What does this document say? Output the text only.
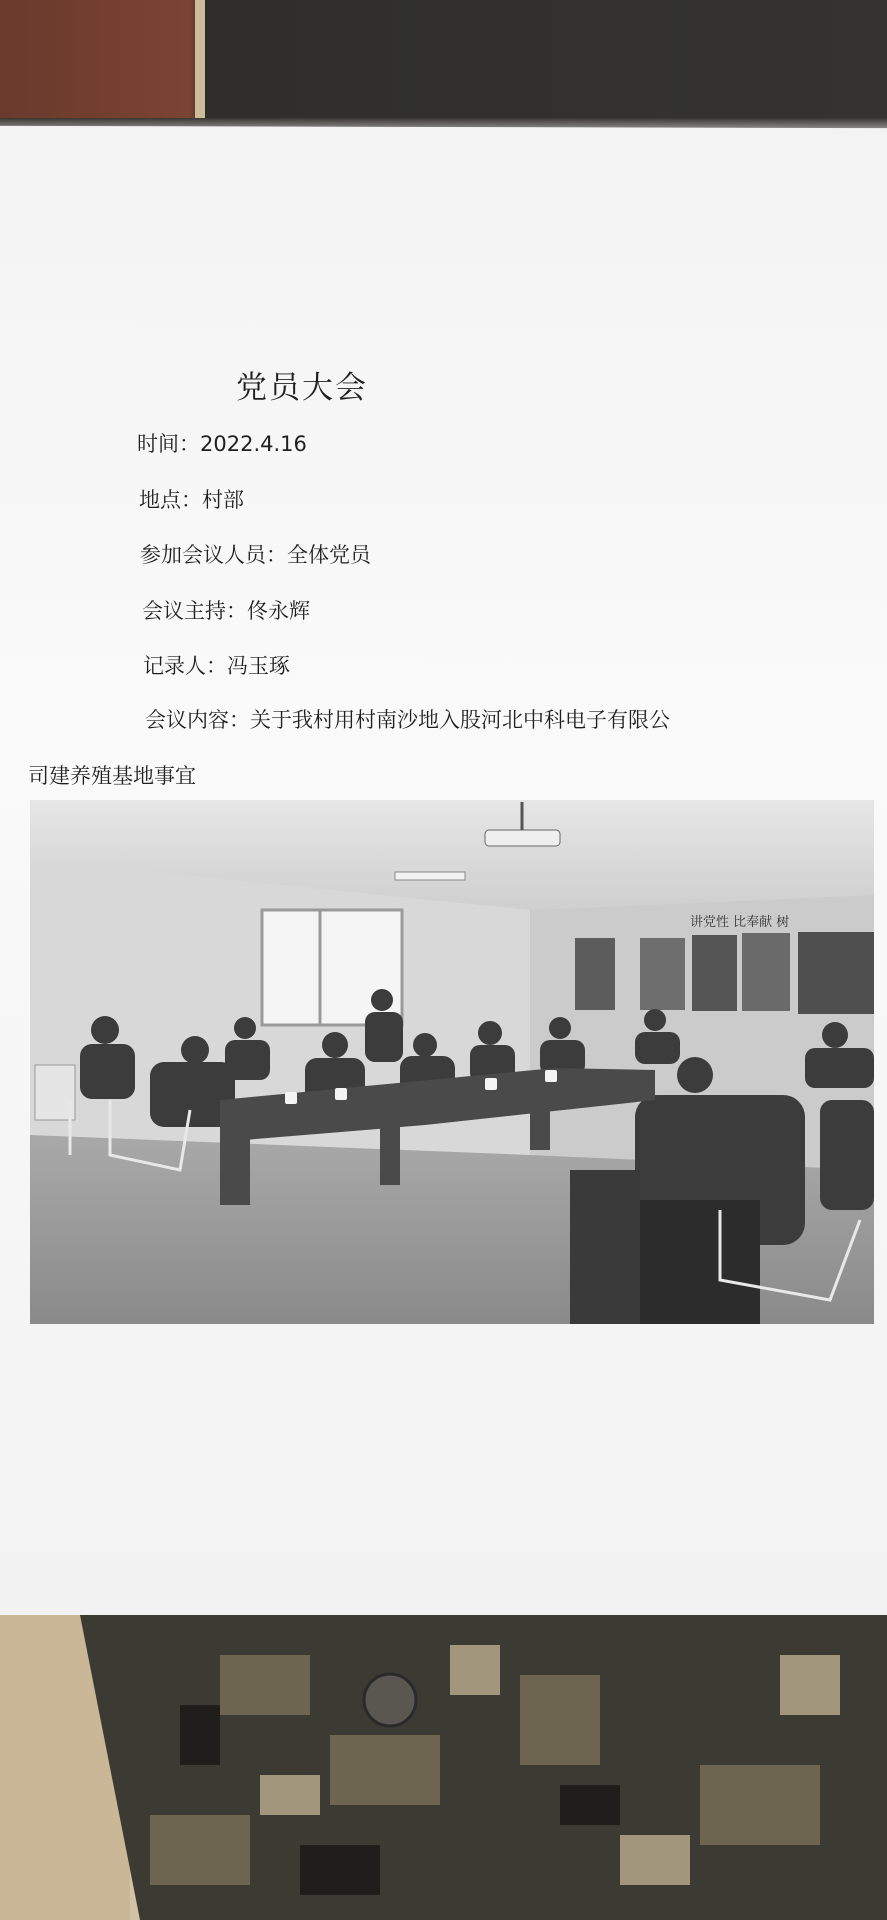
党员大会
时间：2022.4.16
地点：村部
参加会议人员：全体党员
会议主持：佟永辉
记录人：冯玉琢
会议内容：关于我村用村南沙地入股河北中科电子有限公
司建养殖基地事宜
讲党性 比奉献 树
